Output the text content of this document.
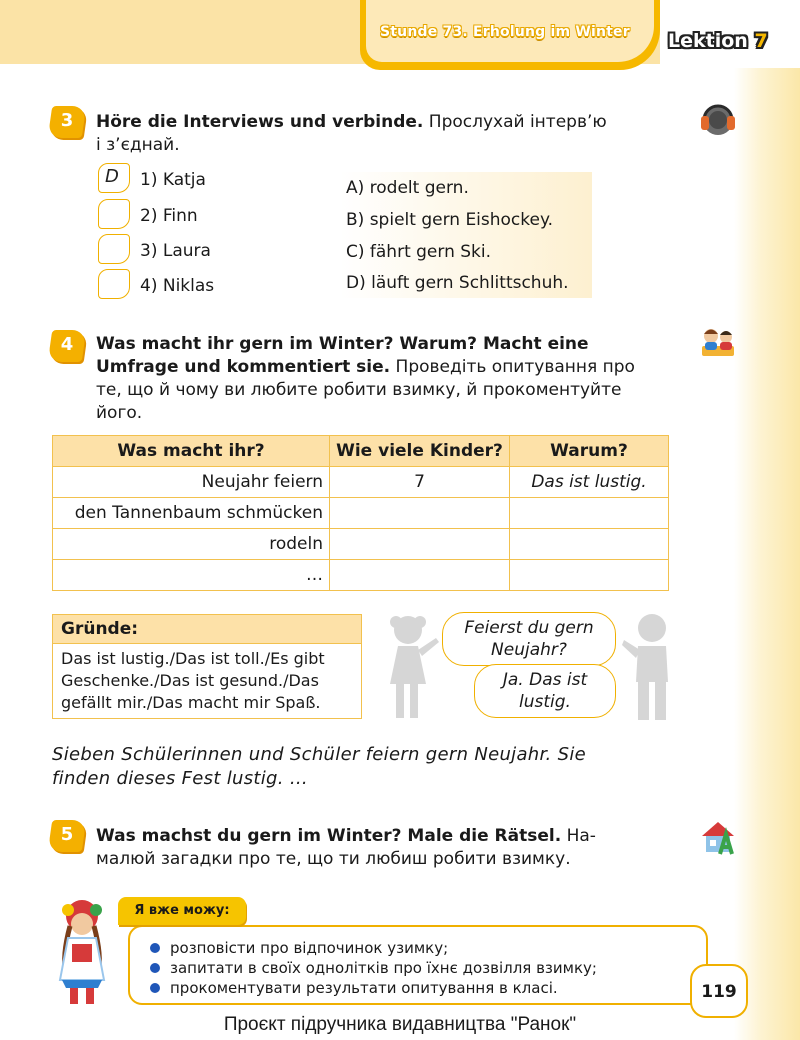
Stunde 73. Erholung im Winter Lektion 7
3	Höre die Interviews und verbinde. Прослухай інтерв’ю
і з’єднай.
D 1) Katja
2) Finn
3) Laura
4) Niklas
A) rodelt gern.
B) spielt gern Eishockey.
C) fährt gern Ski.
D) läuft gern Schlittschuh.
4	Was macht ihr gern im Winter? Warum? Macht eine
Umfrage und kommentiert sie. Проведіть опитування про
те, що й чому ви любите робити взимку, й прокоментуйте
його.
Was macht ihr?	Wie viele Kinder?	Warum?
Neujahr feiern	7	Das ist lustig.
den Tannenbaum schmücken		
rodeln		
…		
Gründe:
Das ist lustig./Das ist toll./Es gibt
Geschenke./Das ist gesund./Das
gefällt mir./Das macht mir Spaß.
Feierst du gern
Neujahr?
Ja. Das ist
lustig.
Sieben Schülerinnen und Schüler feiern gern Neujahr. Sie
finden dieses Fest lustig. ...
5	Was machst du gern im Winter? Male die Rätsel. На-
малюй загадки про те, що ти любиш робити взимку.
Я вже можу:
розповісти про відпочинок узимку;
запитати в своїх однолітків про їхнє дозвілля взимку;
прокоментувати результати опитування в класі.	119
Проєкт підручника видавництва "Ранок"
